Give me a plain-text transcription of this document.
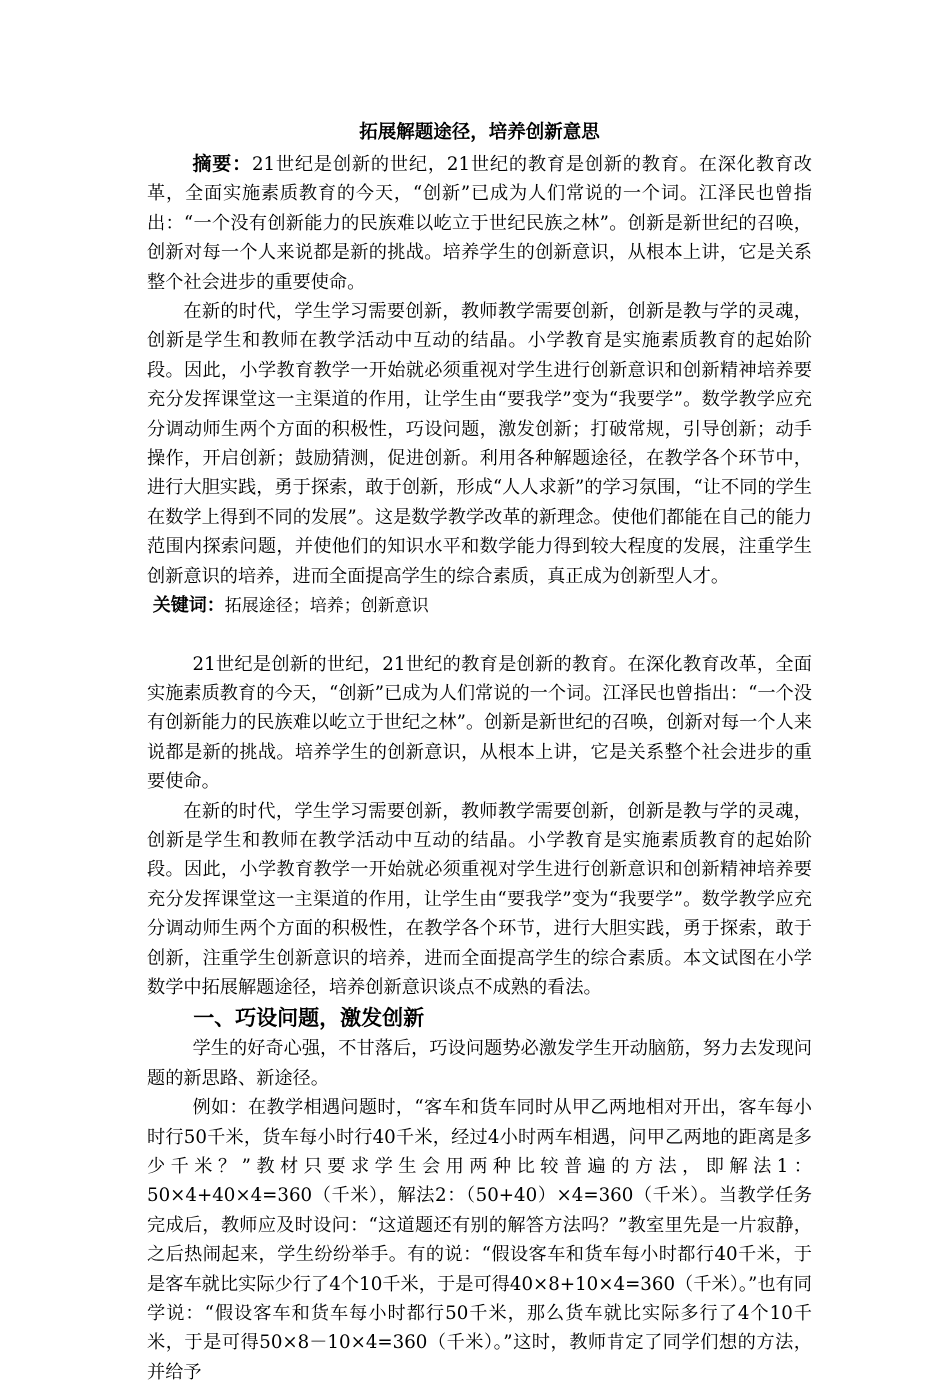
拓展解题途径，培养创新意思

摘要：21世纪是创新的世纪，21世纪的教育是创新的教育。在深化教育改革，全面实施素质教育的今天，“创新”已成为人们常说的一个词。江泽民也曾指出：“一个没有创新能力的民族难以屹立于世纪民族之林”。创新是新世纪的召唤，创新对每一个人来说都是新的挑战。培养学生的创新意识，从根本上讲，它是关系整个社会进步的重要使命。

在新的时代，学生学习需要创新，教师教学需要创新，创新是教与学的灵魂，创新是学生和教师在教学活动中互动的结晶。小学教育是实施素质教育的起始阶段。因此，小学教育教学一开始就必须重视对学生进行创新意识和创新精神培养要充分发挥课堂这一主渠道的作用，让学生由“要我学”变为“我要学”。数学教学应充分调动师生两个方面的积极性，巧设问题，激发创新；打破常规，引导创新；动手操作，开启创新；鼓励猜测，促进创新。利用各种解题途径，在教学各个环节中，进行大胆实践，勇于探索，敢于创新，形成“人人求新”的学习氛围，“让不同的学生在数学上得到不同的发展”。这是数学教学改革的新理念。使他们都能在自己的能力范围内探索问题，并使他们的知识水平和数学能力得到较大程度的发展，注重学生创新意识的培养，进而全面提高学生的综合素质，真正成为创新型人才。

关键词：拓展途径；培养；创新意识

21世纪是创新的世纪，21世纪的教育是创新的教育。在深化教育改革，全面实施素质教育的今天，“创新”已成为人们常说的一个词。江泽民也曾指出：“一个没有创新能力的民族难以屹立于世纪之林”。创新是新世纪的召唤，创新对每一个人来说都是新的挑战。培养学生的创新意识，从根本上讲，它是关系整个社会进步的重要使命。

在新的时代，学生学习需要创新，教师教学需要创新，创新是教与学的灵魂，创新是学生和教师在教学活动中互动的结晶。小学教育是实施素质教育的起始阶段。因此，小学教育教学一开始就必须重视对学生进行创新意识和创新精神培养要充分发挥课堂这一主渠道的作用，让学生由“要我学”变为“我要学”。数学教学应充分调动师生两个方面的积极性，在教学各个环节，进行大胆实践，勇于探索，敢于创新，注重学生创新意识的培养，进而全面提高学生的综合素质。本文试图在小学数学中拓展解题途径，培养创新意识谈点不成熟的看法。

一、巧设问题，激发创新

学生的好奇心强，不甘落后，巧设问题势必激发学生开动脑筋，努力去发现问题的新思路、新途径。

例如：在教学相遇问题时，“客车和货车同时从甲乙两地相对开出，客车每小时行50千米，货车每小时行40千米，经过4小时两车相遇，问甲乙两地的距离是多少千米？”教材只要求学生会用两种比较普遍的方法，即解法1：50×4+40×4=360（千米），解法2：（50+40）×4=360（千米）。当教学任务完成后，教师应及时设问：“这道题还有别的解答方法吗？”教室里先是一片寂静，之后热闹起来，学生纷纷举手。有的说：“假设客车和货车每小时都行40千米，于是客车就比实际少行了4个10千米，于是可得40×8+10×4=360（千米）。”也有同学说：“假设客车和货车每小时都行50千米，那么货车就比实际多行了4个10千米，于是可得50×8－10×4=360（千米）。”这时，教师肯定了同学们想的方法，并给予
